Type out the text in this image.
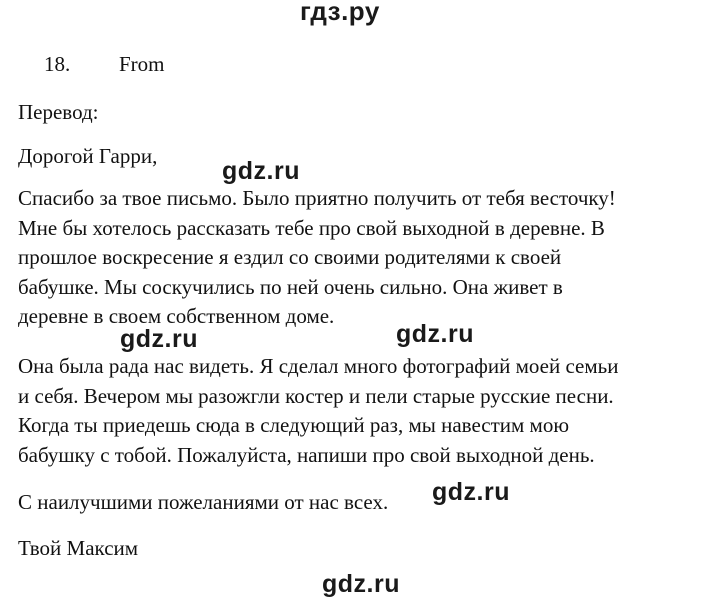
гдз.ру
18. From
Перевод:
Дорогой Гарри,
Спасибо за твое письмо. Было приятно получить от тебя весточку!
Мне бы хотелось рассказать тебе про свой выходной в деревне. В
прошлое воскресение я ездил со своими родителями к своей
бабушке. Мы соскучились по ней очень сильно. Она живет в
деревне в своем собственном доме.
Она была рада нас видеть. Я сделал много фотографий моей семьи
и себя. Вечером мы разожгли костер и пели старые русские песни.
Когда ты приедешь сюда в следующий раз, мы навестим мою
бабушку с тобой. Пожалуйста, напиши про свой выходной день.
С наилучшими пожеланиями от нас всех.
Твой Максим
gdz.ru
gdz.ru
gdz.ru
gdz.ru
gdz.ru
